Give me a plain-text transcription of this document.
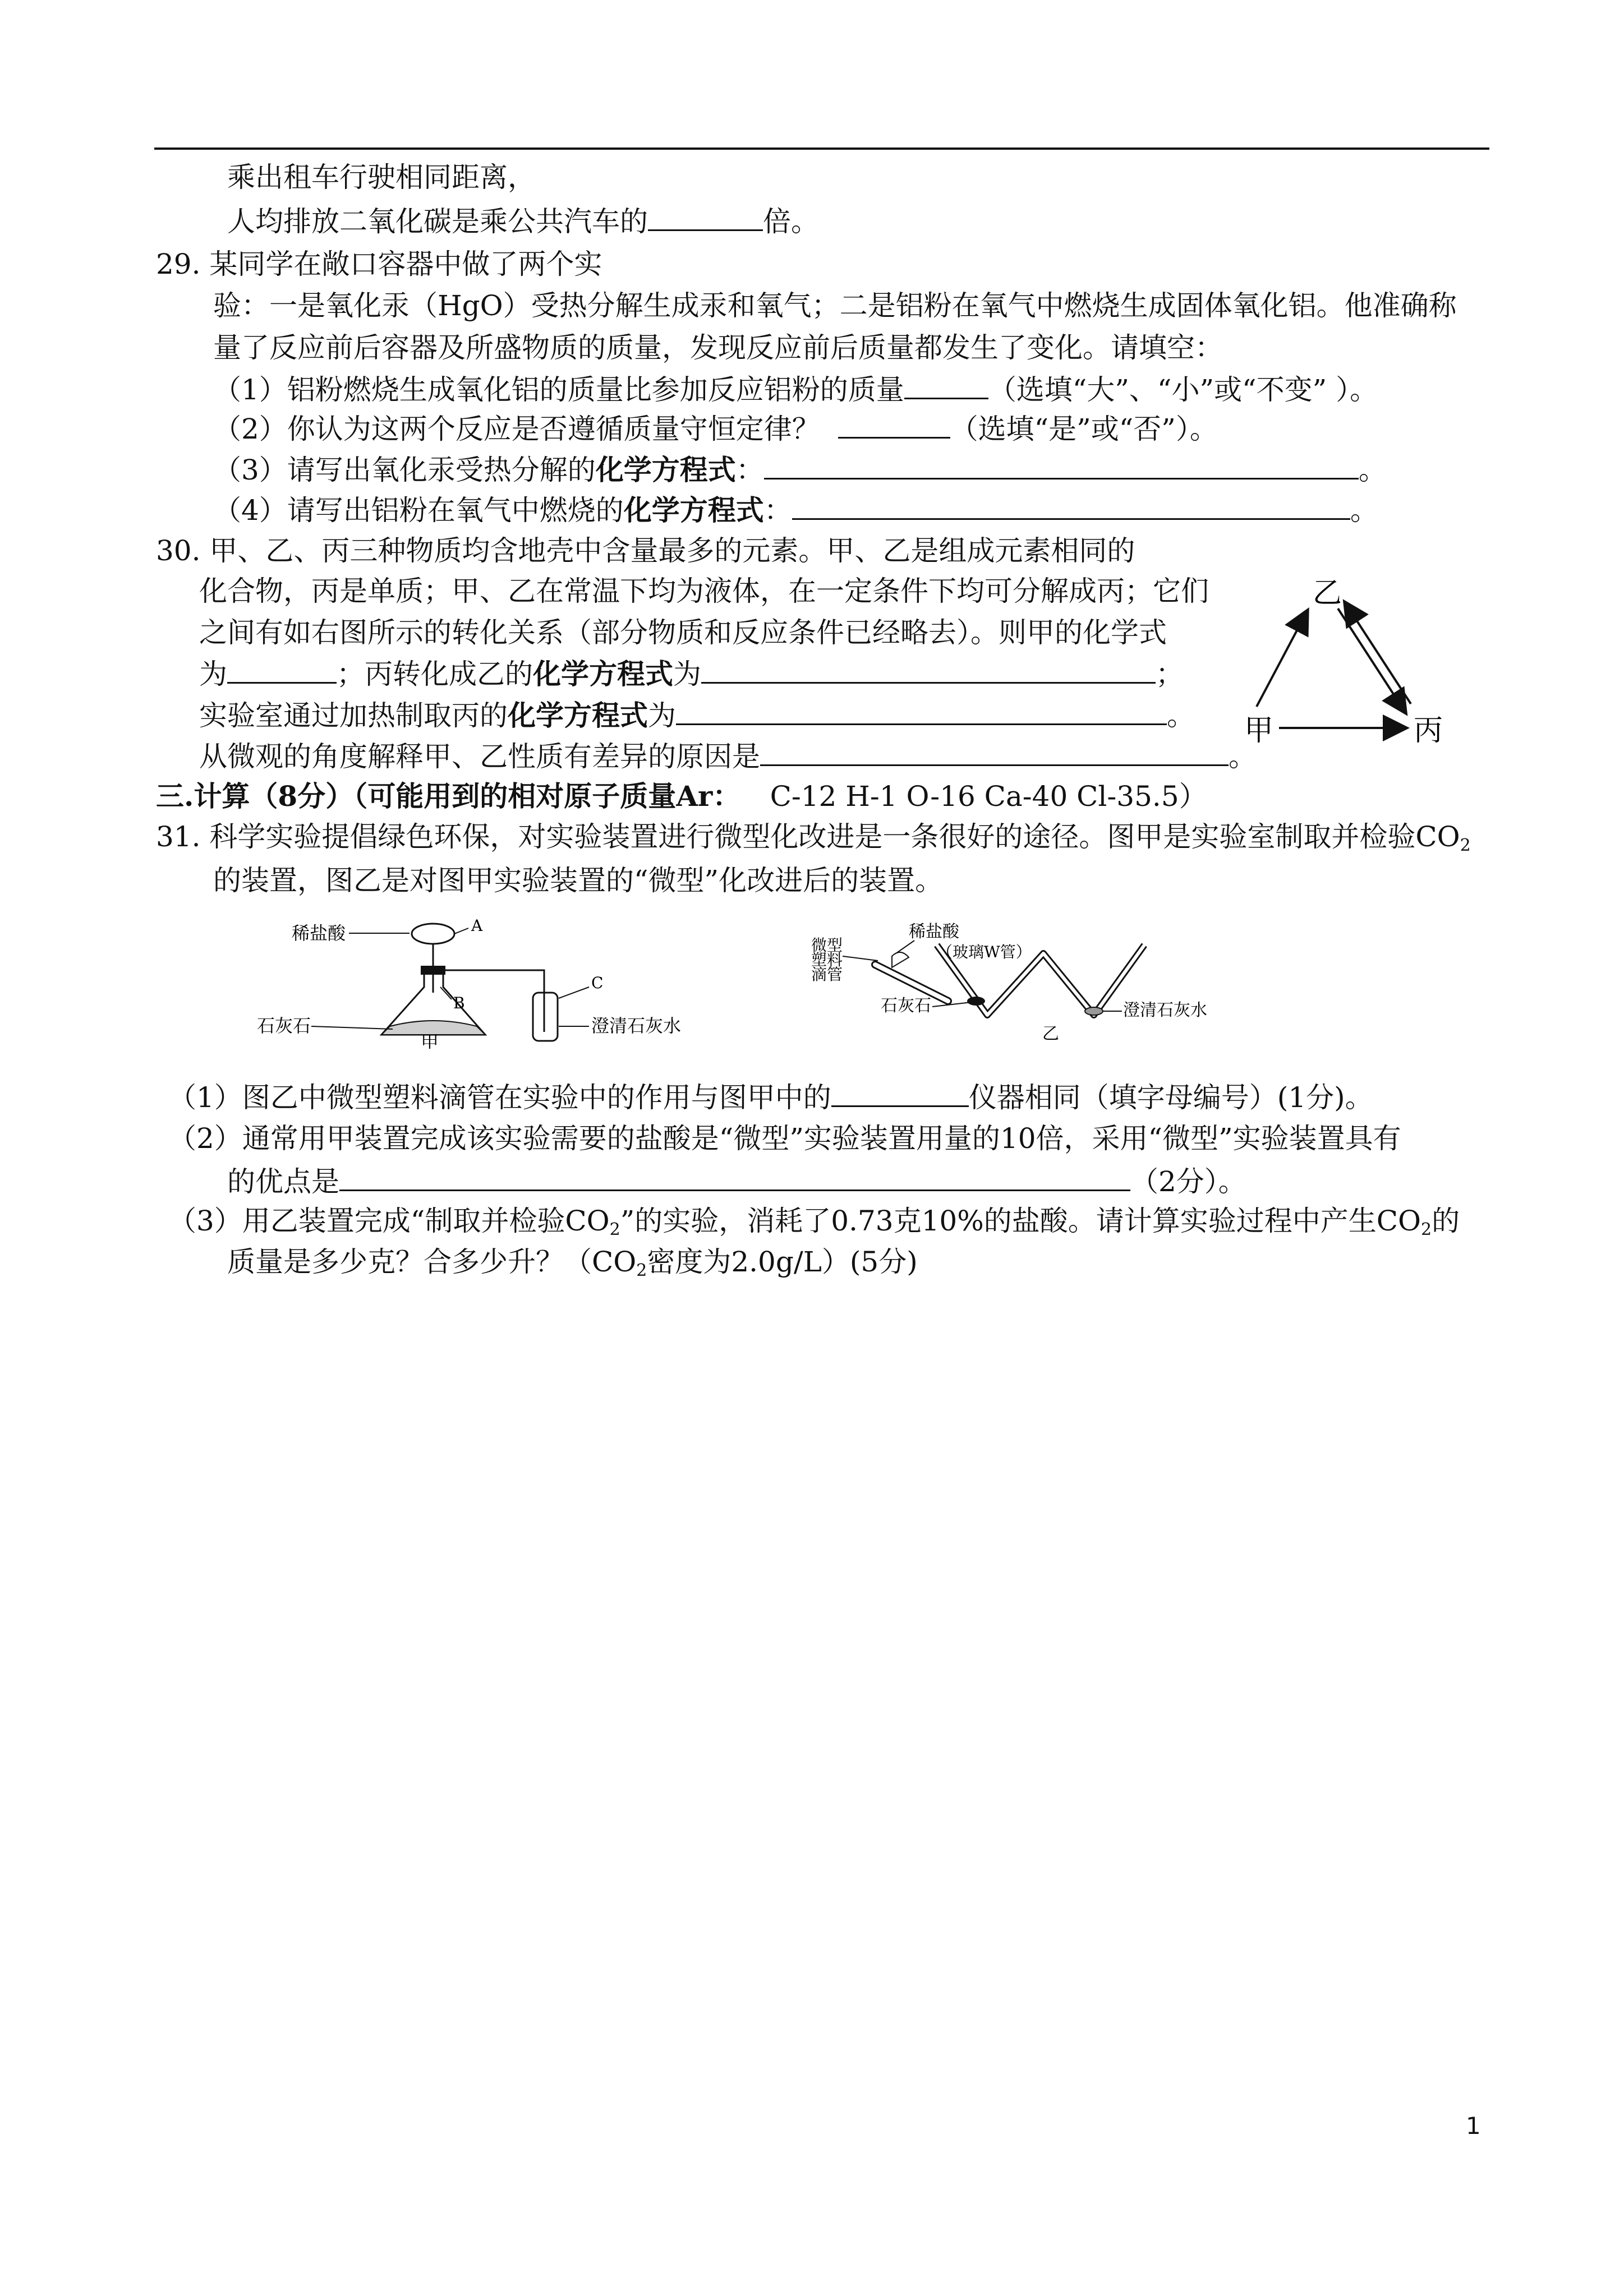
乘出租车行驶相同距离，
人均排放二氧化碳是乘公共汽车的	倍。
29. 某同学在敞口容器中做了两个实
验：一是氧化汞（HgO）受热分解生成汞和氧气；二是铝粉在氧气中燃烧生成固体氧化铝。他准确称
量了反应前后容器及所盛物质的质量，发现反应前后质量都发生了变化。请填空：
（1）铝粉燃烧生成氧化铝的质量比参加反应铝粉的质量	（选填“大”、“小”或“不变” ）。
（2）你认为这两个反应是否遵循质量守恒定律？	（选填“是”或“否”）。
（3）请写出氧化汞受热分解的化学方程式：	。
（4）请写出铝粉在氧气中燃烧的化学方程式：	。
30. 甲、乙、丙三种物质均含地壳中含量最多的元素。甲、乙是组成元素相同的
化合物，丙是单质；甲、乙在常温下均为液体，在一定条件下均可分解成丙；它们
之间有如右图所示的转化关系（部分物质和反应条件已经略去）。则甲的化学式
为	；丙转化成乙的化学方程式为	；
实验室通过加热制取丙的化学方程式为	。
从微观的角度解释甲、乙性质有差异的原因是	。
乙
甲	丙
三.计算（8分）（可能用到的相对原子质量Ar： C-12 H-1 O-16 Ca-40 Cl-35.5）
31. 科学实验提倡绿色环保，对实验装置进行微型化改进是一条很好的途径。图甲是实验室制取并检验$CO_2$
的装置，图乙是对图甲实验装置的“微型”化改进后的装置。
稀盐酸	A
B
C
澄清石灰水
石灰石
甲
微型
塑料
滴管
稀盐酸
（玻璃W管）
石灰石	澄清石灰水
乙
（1）图乙中微型塑料滴管在实验中的作用与图甲中的	仪器相同（填字母编号）(1分)。
（2）通常用甲装置完成该实验需要的盐酸是“微型”实验装置用量的10倍，采用“微型”实验装置具有
的优点是	（2分）。
（3）用乙装置完成“制取并检验$CO_2$”的实验，消耗了0.73克10%的盐酸。请计算实验过程中产生$CO_2$的
质量是多少克？合多少升？（$CO_2$密度为2.0g/L）(5分)
1
